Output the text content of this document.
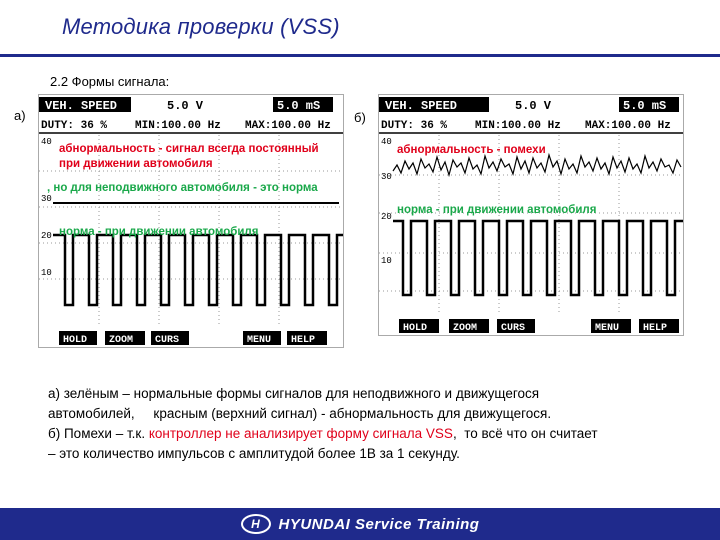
Методика проверки (VSS)
2.2 Формы сигнала:
а)	б)
VEH. SPEED	5.0 V	5.0 mS
DUTY: 36 %	MIN:100.00 Hz MAX:100.00 Hz
40
30
20
10
абнормальность - сигнал всегда постоянный
при движении автомобиля
, но для неподвижного автомобиля - это норма
норма - при движении автомобиля
HOLD ZOOM CURS	MENU HELP
VEH. SPEED	5.0 V	5.0 mS
DUTY: 36 %	MIN:100.00 Hz MAX:100.00 Hz
40
30
20
10
абнормальность - помехи
норма - при движении автомобиля
HOLD	ZOOM CURS	MENU HELP

а) зелёным – нормальные формы сигналов для неподвижного и движущегося

автомобилей,     красным (верхний сигнал) - абнормальность для движущегося.

б) Помехи – т.к. контроллер не анализирует форму сигнала VSS,  то всё что он считает

– это количество импульсов с амплитудой более 1В за 1 секунду.

H HYUNDAI Service Training
